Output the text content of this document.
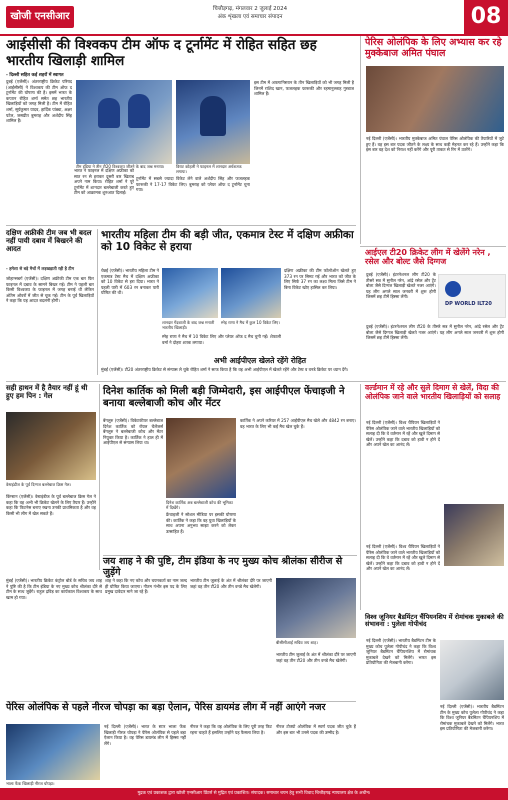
खोजी एनसीआर
चित्तौड़गढ़, मंगलवार 2 जुलाई 2024
अंक शृंखला एवं समाचार संपादन	08
आईसीसी की विश्वकप टीम ऑफ द टूर्नामेंट में रोहित सहित छह भारतीय खिलाड़ी शामिल
- दिल्ली सहित कई शहरों में स्वागत
दुबई (एजेंसी)। अंतरराष्ट्रीय क्रिकेट परिषद (आईसीसी) ने विश्वकप की टीम ऑफ द टूर्नामेंट की घोषणा की है। इसमें भारत के कप्तान रोहित शर्मा समेत छह भारतीय खिलाड़ियों को जगह मिली है। टीम में रोहित शर्मा, सूर्यकुमार यादव, हार्दिक पांड्या, अक्षर पटेल, जसप्रीत बुमराह और अर्शदीप सिंह शामिल हैं।
भारत ने फाइनल में दक्षिण अफ्रीका को सात रन से हराकर दूसरी बार खिताब अपने नाम किया। रोहित शर्मा ने पूरे टूर्नामेंट में शानदार बल्लेबाजी करते हुए टीम को आक्रामक शुरुआत दिलाई।
टीम इंडिया ने तीन टी20 विश्वकप जीतने के बाद जश्न मनाया।	विराट कोहली ने फाइनल में शानदार अर्धशतक लगाया।
टूर्नामेंट में सबसे ज्यादा विकेट लेने वाले अर्शदीप सिंह और फजलहक फारूकी ने 17-17 विकेट लिए। बुमराह को प्लेयर ऑफ द टूर्नामेंट चुना गया।
इस टीम में अफगानिस्तान के तीन खिलाड़ियों को भी जगह मिली है जिनमें राशिद खान, फजलहक फारूकी और रहमानुल्लाह गुरबाज शामिल हैं।
पेरिस ओलंपिक के लिए अभ्यास कर रहे मुक्केबाज अमित पंघाल
नई दिल्ली (एजेंसी)। भारतीय मुक्केबाज अमित पंघाल पेरिस ओलंपिक की तैयारियों में जुटे हुए हैं। वह इस बार पदक जीतने के लक्ष्य के साथ कड़ी मेहनत कर रहे हैं। उन्होंने कहा कि इस बार वह देश को निराश नहीं करेंगे और पूरी ताकत से रिंग में उतरेंगे।
दक्षिण अफ्रीकी टीम जब भी बदल नहीं पायी दबाव में बिखरने की आदत
- हमेशा से बड़े मैचों में लड़खड़ाती रही है टीम
जोहान्सबर्ग (एजेंसी)। दक्षिण अफ्रीकी टीम एक बार फिर फाइनल में दबाव के सामने बिखर गई। टीम ने पहली बार किसी विश्वकप के फाइनल में जगह बनाई थी लेकिन अंतिम ओवरों में जीत से चूक गई। टीम के पूर्व खिलाड़ियों ने कहा कि यह आदत बदलनी होगी।
भारतीय महिला टीम की बड़ी जीत, एकमात्र टेस्ट में दक्षिण अफ्रीका को 10 विकेट से हराया
चेन्नई (एजेंसी)। भारतीय महिला टीम ने एकमात्र टेस्ट मैच में दक्षिण अफ्रीका को 10 विकेट से हरा दिया। भारत ने पहली पारी में 603 रन बनाकर पारी घोषित की थी।
शानदार गेंदबाजी के बाद जश्न मनाती भारतीय खिलाड़ी।
स्नेह राणा ने मैच में कुल 10 विकेट लिए।
स्नेह राणा ने मैच में 10 विकेट लिए और प्लेयर ऑफ द मैच चुनी गईं। शेफाली वर्मा ने दोहरा शतक लगाया।
दक्षिण अफ्रीका की टीम फॉलोऑन खेलते हुए 373 रन पर सिमट गई और भारत को जीत के लिए सिर्फ 37 रन का लक्ष्य मिला जिसे टीम ने बिना विकेट खोए हासिल कर लिया।
अभी आईपीएल खेलते रहेंगे रोहित
मुंबई (एजेंसी)। टी20 अंतरराष्ट्रीय क्रिकेट से संन्यास ले चुके रोहित शर्मा ने साफ किया है कि वह अभी आईपीएल में खेलते रहेंगे और टेस्ट व वनडे क्रिकेट पर ध्यान देंगे।
आईएल टी20 क्रिकेट लीग में खेलेंगे नरेन , रसेल और बोल्ट जैसे दिग्गज
दुबई (एजेंसी)। इंटरनेशनल लीग टी20 के तीसरे सत्र में सुनील नरेन, आंद्रे रसेल और ट्रेंट बोल्ट जैसे दिग्गज खिलाड़ी खेलते नजर आएंगे। यह लीग अगले साल जनवरी में शुरू होगी जिसमें छह टीमें हिस्सा लेंगी।
DP WORLD ILT20
दुबई (एजेंसी)। इंटरनेशनल लीग टी20 के तीसरे सत्र में सुनील नरेन, आंद्रे रसेल और ट्रेंट बोल्ट जैसे दिग्गज खिलाड़ी खेलते नजर आएंगे। यह लीग अगले साल जनवरी में शुरू होगी जिसमें छह टीमें हिस्सा लेंगी।
सही हाथन में है तैयार नहीं हूं थी हुए हम पिन : गेल
वेस्टइंडीज के पूर्व दिग्गज बल्लेबाज क्रिस गेल।
किंग्स्टन (एजेंसी)। वेस्टइंडीज के पूर्व बल्लेबाज क्रिस गेल ने कहा कि वह अभी भी क्रिकेट खेलने के लिए तैयार हैं। उन्होंने कहा कि फिटनेस बनाए रखना उनकी प्राथमिकता है और वह किसी भी लीग में खेल सकते हैं।
दिनेश कार्तिक को मिली बड़ी जिम्मेदारी, इस आईपीएल फेंचाइजी ने बनाया बल्लेबाजी कोच और मेंटर
बेंगलुरु (एजेंसी)। विकेटकीपर बल्लेबाज दिनेश कार्तिक को रॉयल चैलेंजर्स बेंगलुरु ने बल्लेबाजी कोच और मेंटर नियुक्त किया है। कार्तिक ने हाल ही में आईपीएल से संन्यास लिया था।
दिनेश कार्तिक अब बल्लेबाजी कोच की भूमिका में दिखेंगे।
फ्रेंचाइजी ने सोशल मीडिया पर इसकी घोषणा की। कार्तिक ने कहा कि वह युवा खिलाड़ियों के साथ अपना अनुभव साझा करने को लेकर उत्साहित हैं।
कार्तिक ने अपने करियर में 257 आईपीएल मैच खेले और 4842 रन बनाए। वह भारत के लिए भी कई मैच खेल चुके हैं।
वर्ल्डमान में रहे और सुले दिमाग से खेलें, विदा की ओलंपिक जाने वाले भारतीय खिलाड़ियों को सलाह
नई दिल्ली (एजेंसी)। विश्व चैंपियन खिलाड़ियों ने पेरिस ओलंपिक जाने वाले भारतीय खिलाड़ियों को सलाह दी कि वे वर्तमान में रहें और खुले दिमाग से खेलें। उन्होंने कहा कि दबाव को हावी न होने दें और अपने खेल का आनंद लें।
नई दिल्ली (एजेंसी)। विश्व चैंपियन खिलाड़ियों ने पेरिस ओलंपिक जाने वाले भारतीय खिलाड़ियों को सलाह दी कि वे वर्तमान में रहें और खुले दिमाग से खेलें। उन्होंने कहा कि दबाव को हावी न होने दें और अपने खेल का आनंद लें।
जय शाह ने की पुष्टि, टीम इंडिया के नए मुख्य कोच श्रीलंका सीरीज से जुड़ेंगे
मुंबई (एजेंसी)। भारतीय क्रिकेट कंट्रोल बोर्ड के सचिव जय शाह ने पुष्टि की है कि टीम इंडिया के नए मुख्य कोच श्रीलंका दौरे से टीम के साथ जुड़ेंगे। राहुल द्रविड़ का कार्यकाल विश्वकप के साथ खत्म हो गया।
शाह ने कहा कि नए कोच और चयनकर्ता का नाम जल्द ही घोषित किया जाएगा। गौतम गंभीर इस पद के लिए प्रमुख दावेदार माने जा रहे हैं।
भारतीय टीम जुलाई के अंत में श्रीलंका दौरे पर जाएगी जहां वह तीन टी20 और तीन वनडे मैच खेलेगी।
बीसीसीआई सचिव जय शाह।
भारतीय टीम जुलाई के अंत में श्रीलंका दौरे पर जाएगी जहां वह तीन टी20 और तीन वनडे मैच खेलेगी।
विश्व जूनियर बैडमिंटन चैंपियनशिप में रोमांचक मुकाबले की संभावना : पुलेला गोपीचंद
नई दिल्ली (एजेंसी)। भारतीय बैडमिंटन टीम के मुख्य कोच पुलेला गोपीचंद ने कहा कि विश्व जूनियर बैडमिंटन चैंपियनशिप में रोमांचक मुकाबले देखने को मिलेंगे। भारत इस प्रतियोगिता की मेजबानी करेगा।
नई दिल्ली (एजेंसी)। भारतीय बैडमिंटन टीम के मुख्य कोच पुलेला गोपीचंद ने कहा कि विश्व जूनियर बैडमिंटन चैंपियनशिप में रोमांचक मुकाबले देखने को मिलेंगे। भारत इस प्रतियोगिता की मेजबानी करेगा।
पेरिस ओलंपिक से पहले नीरज चोपड़ा का बड़ा ऐलान, पेरिस डायमंड लीग में नहीं आएंगे नजर
भाला फेंक खिलाड़ी नीरज चोपड़ा।
नई दिल्ली (एजेंसी)। भारत के स्टार भाला फेंक खिलाड़ी नीरज चोपड़ा ने पेरिस ओलंपिक से पहले बड़ा ऐलान किया है। वह पेरिस डायमंड लीग में हिस्सा नहीं लेंगे।
नीरज ने कहा कि वह ओलंपिक के लिए पूरी तरह फिट रहना चाहते हैं इसलिए उन्होंने यह फैसला लिया है।
नीरज टोक्यो ओलंपिक में स्वर्ण पदक जीत चुके हैं और इस बार भी उनसे पदक की उम्मीद है।
मुद्रक एवं प्रकाशक द्वारा खोजी एनसीआर प्रिंटर्स से मुद्रित एवं प्रकाशित। संपादक। समाचार चयन हेतु सभी विवाद चित्तौड़गढ़ न्यायालय क्षेत्र के अधीन।
